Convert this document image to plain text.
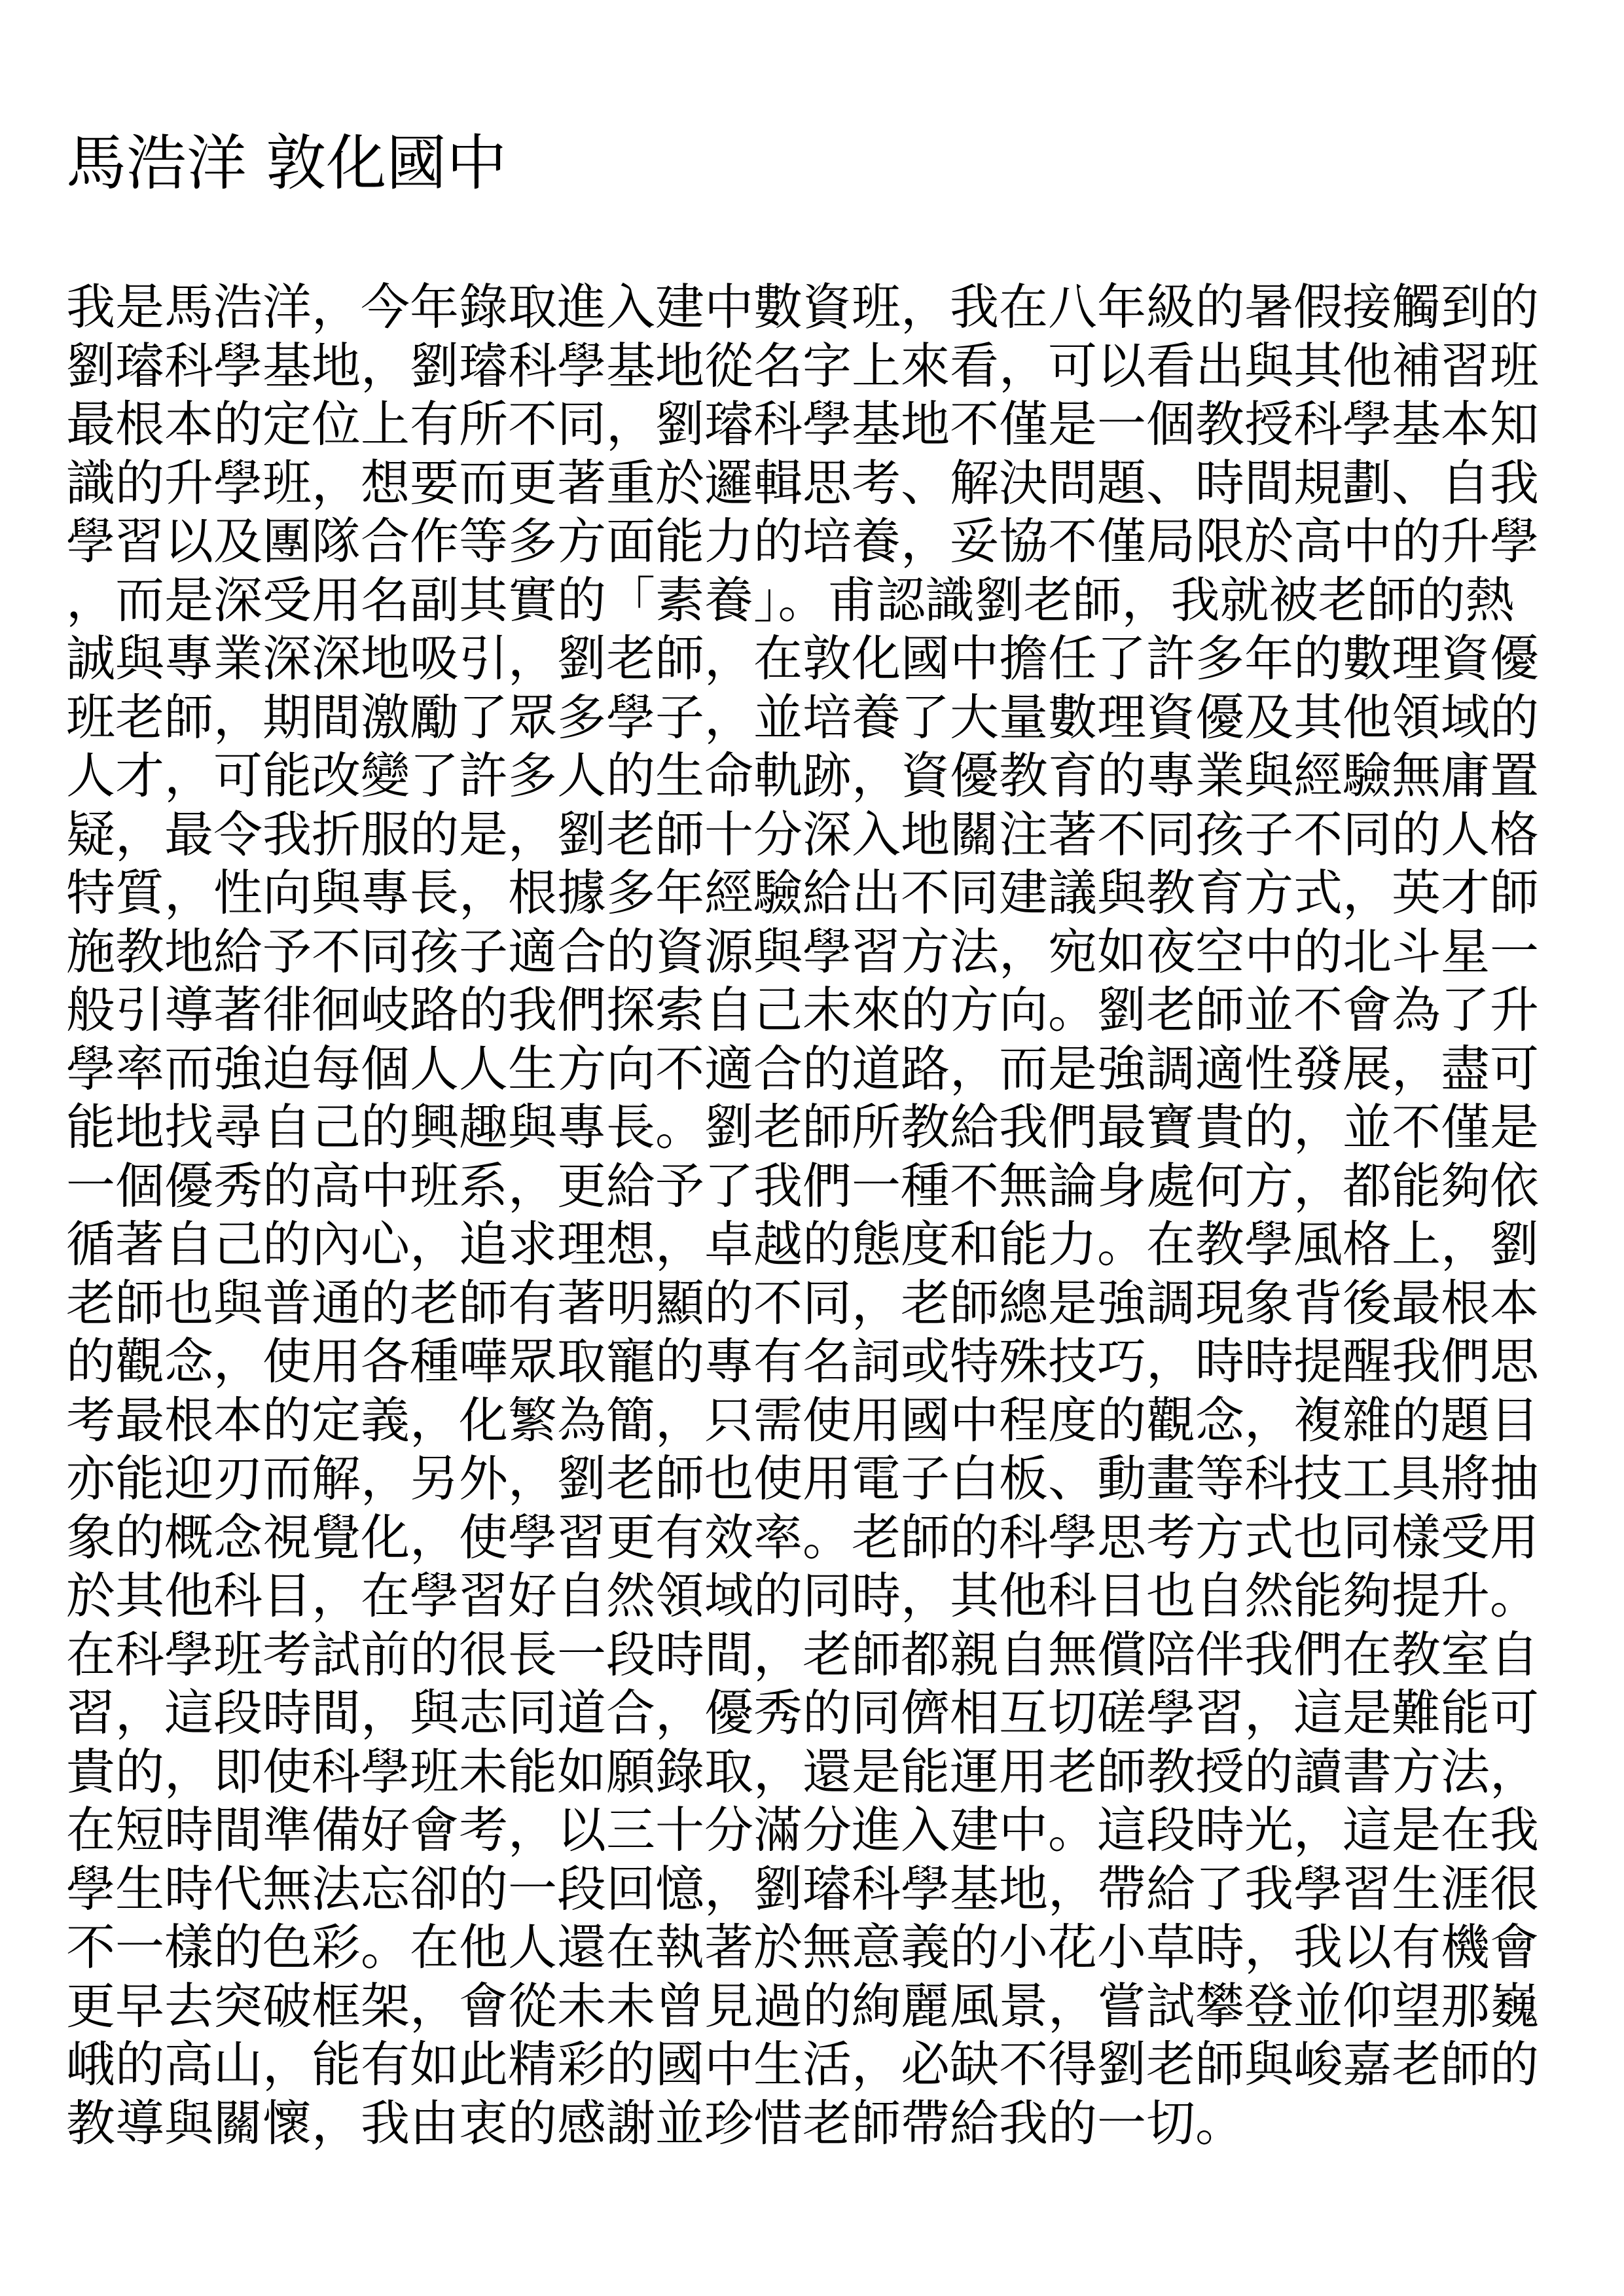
馬浩洋 敦化國中
我是馬浩洋，今年錄取進入建中數資班，我在八年級的暑假接觸到的
劉璿科學基地，劉璿科學基地從名字上來看，可以看出與其他補習班
最根本的定位上有所不同，劉璿科學基地不僅是一個教授科學基本知
識的升學班，想要而更著重於邏輯思考、解決問題、時間規劃、自我
學習以及團隊合作等多方面能力的培養，妥協不僅局限於高中的升學
，而是深受用名副其實的「素養」。甫認識劉老師，我就被老師的熱
誠與專業深深地吸引，劉老師，在敦化國中擔任了許多年的數理資優
班老師，期間激勵了眾多學子，並培養了大量數理資優及其他領域的
人才，可能改變了許多人的生命軌跡，資優教育的專業與經驗無庸置
疑，最令我折服的是，劉老師十分深入地關注著不同孩子不同的人格
特質，性向與專長，根據多年經驗給出不同建議與教育方式，英才師
施教地給予不同孩子適合的資源與學習方法，宛如夜空中的北斗星一
般引導著徘徊岐路的我們探索自己未來的方向。劉老師並不會為了升
學率而強迫每個人人生方向不適合的道路，而是強調適性發展，盡可
能地找尋自己的興趣與專長。劉老師所教給我們最寶貴的，並不僅是
一個優秀的高中班系，更給予了我們一種不無論身處何方，都能夠依
循著自己的內心，追求理想，卓越的態度和能力。在教學風格上，劉
老師也與普通的老師有著明顯的不同，老師總是強調現象背後最根本
的觀念，使用各種嘩眾取寵的專有名詞或特殊技巧，時時提醒我們思
考最根本的定義，化繁為簡，只需使用國中程度的觀念，複雜的題目
亦能迎刃而解，另外，劉老師也使用電子白板、動畫等科技工具將抽
象的概念視覺化，使學習更有效率。老師的科學思考方式也同樣受用
於其他科目，在學習好自然領域的同時，其他科目也自然能夠提升。
在科學班考試前的很長一段時間，老師都親自無償陪伴我們在教室自
習，這段時間，與志同道合，優秀的同儕相互切磋學習，這是難能可
貴的，即使科學班未能如願錄取，還是能運用老師教授的讀書方法，
在短時間準備好會考，以三十分滿分進入建中。這段時光，這是在我
學生時代無法忘卻的一段回憶，劉璿科學基地，帶給了我學習生涯很
不一樣的色彩。在他人還在執著於無意義的小花小草時，我以有機會
更早去突破框架，會從未未曾見過的絢麗風景，嘗試攀登並仰望那巍
峨的高山，能有如此精彩的國中生活，必缺不得劉老師與峻嘉老師的
教導與關懷，我由衷的感謝並珍惜老師帶給我的一切。
